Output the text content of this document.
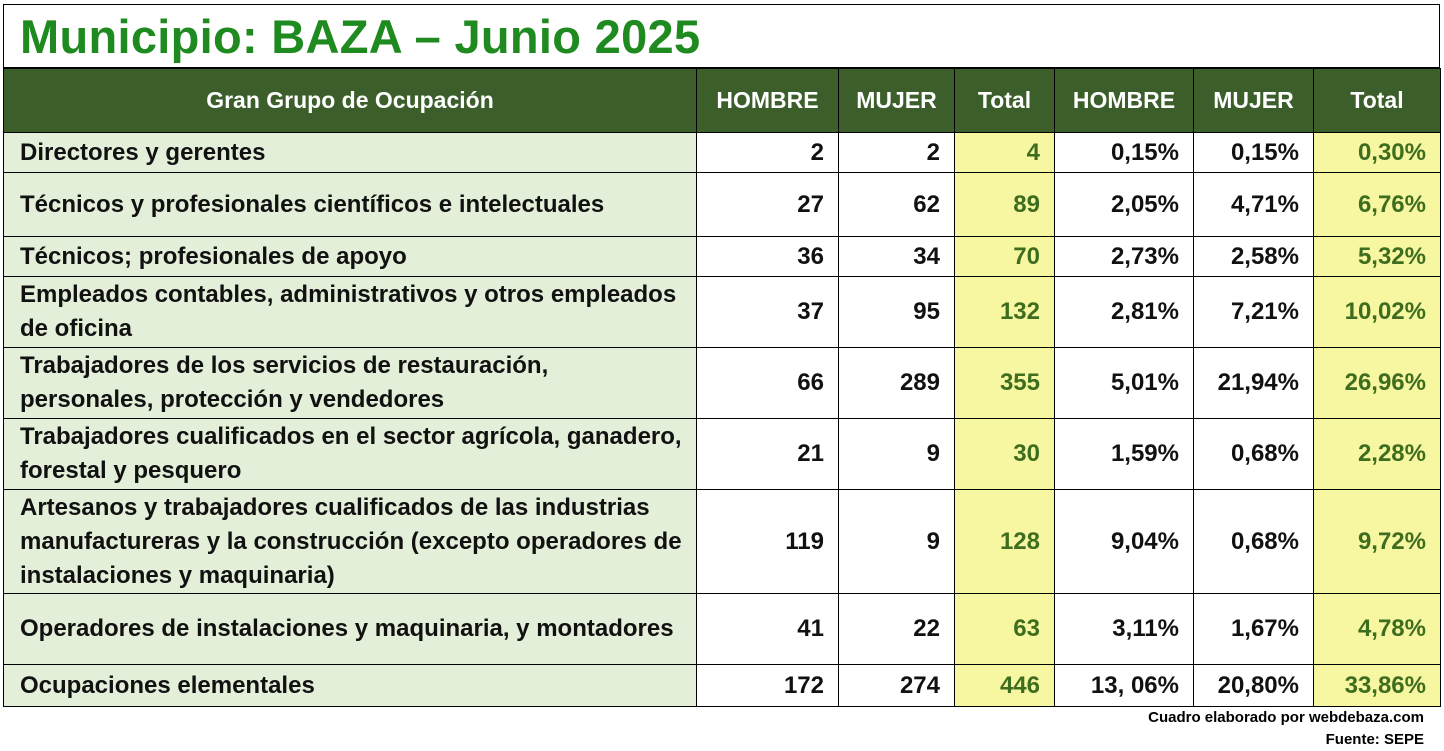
Municipio: BAZA – Junio 2025
Gran Grupo de Ocupación	HOMBRE	MUJER	Total	HOMBRE	MUJER	Total
Directores y gerentes	2	2	4	0,15%	0,15%	0,30%
Técnicos y profesionales científicos e intelectuales	27	62	89	2,05%	4,71%	6,76%
Técnicos; profesionales de apoyo	36	34	70	2,73%	2,58%	5,32%
Empleados contables, administrativos y otros empleados de oficina	37	95	132	2,81%	7,21%	10,02%
Trabajadores de los servicios de restauración, personales, protección y vendedores	66	289	355	5,01%	21,94%	26,96%
Trabajadores cualificados en el sector agrícola, ganadero, forestal y pesquero	21	9	30	1,59%	0,68%	2,28%
Artesanos y trabajadores cualificados de las industrias manufactureras y la construcción (excepto operadores de instalaciones y maquinaria)	119	9	128	9,04%	0,68%	9,72%
Operadores de instalaciones y maquinaria, y montadores	41	22	63	3,11%	1,67%	4,78%
Ocupaciones elementales	172	274	446	13, 06%	20,80%	33,86%
Cuadro elaborado por webdebaza.com
Fuente: SEPE
